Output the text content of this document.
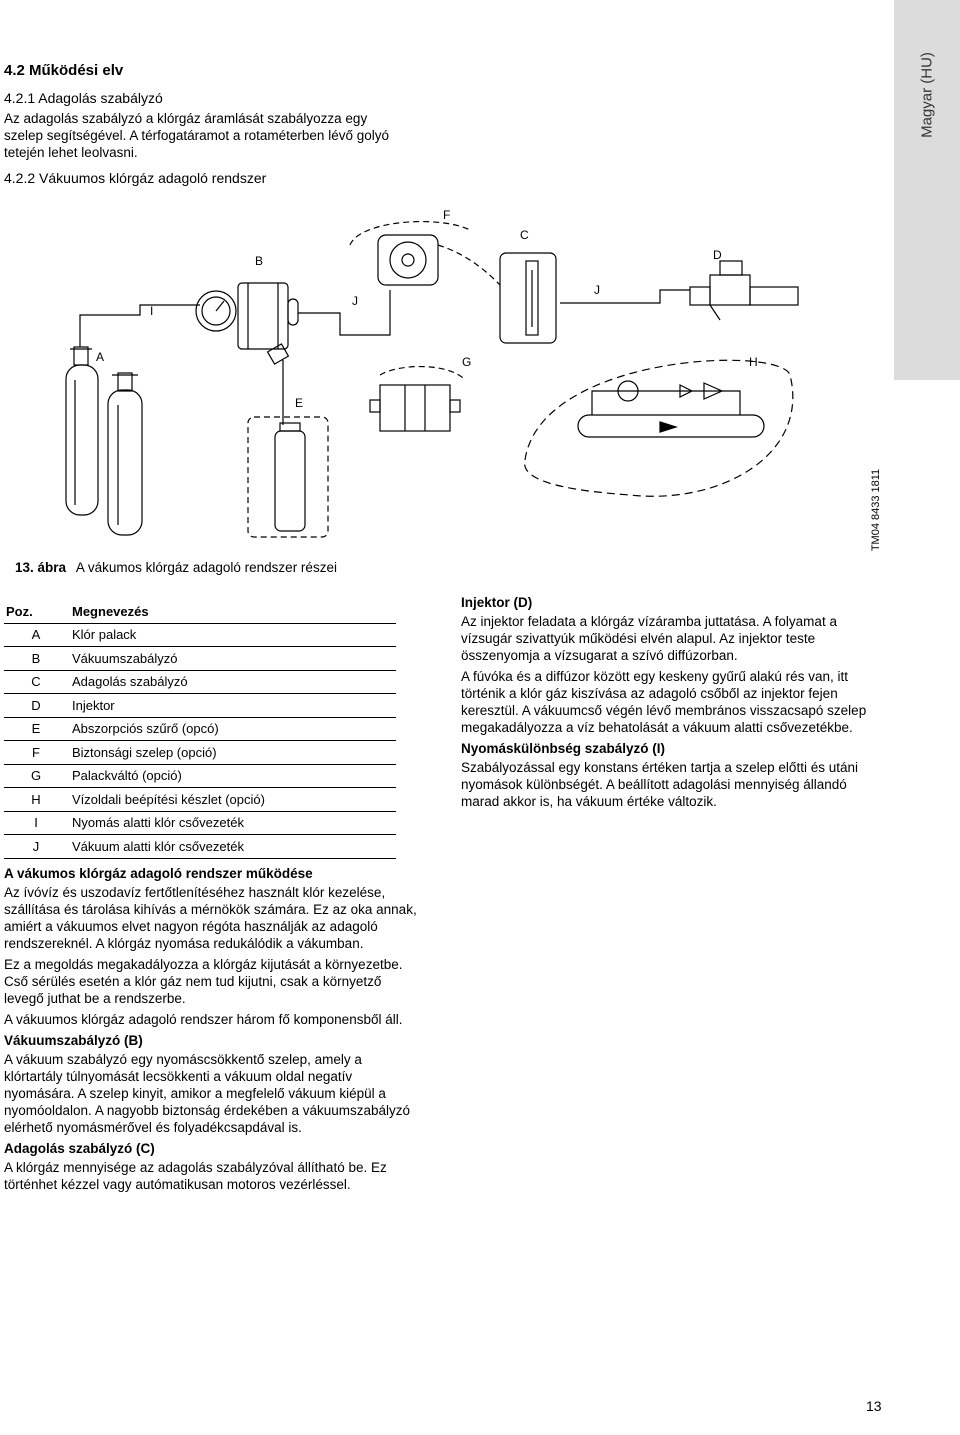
Magyar (HU)
4.2 Működési elv
4.2.1 Adagolás szabályzó
Az adagolás szabályzó a klórgáz áramlását szabályozza egy szelep segítségével. A térfogatáramot a rotaméterben lévő golyó tetején lehet leolvasni.
4.2.2 Vákuumos klórgáz adagoló rendszer
A
B
C
D
E
F
G	H
I
J
J
TM04 8433 1811
13. ábra A vákumos klórgáz adagoló rendszer részei
Poz.	Megnevezés
A	Klór palack
B	Vákuumszabályzó
C	Adagolás szabályzó
D	Injektor
E	Abszorpciós szűrő (opcó)
F	Biztonsági szelep (opció)
G	Palackváltó (opció)
H	Vízoldali beépítési készlet (opció)
I	Nyomás alatti klór csővezeték
J	Vákuum alatti klór csővezeték
A vákumos klórgáz adagoló rendszer működése

Az ívóvíz és uszodavíz fertőtlenítéséhez használt klór kezelése, szállítása és tárolása kihívás a mérnökök számára. Ez az oka annak, amiért a vákuumos elvet nagyon régóta használják az adagoló rendszereknél. A klórgáz nyomása redukálódik a vákumban.

Ez a megoldás megakadályozza a klórgáz kijutását a környezetbe. Cső sérülés esetén a klór gáz nem tud kijutni, csak a környetző levegő juthat be a rendszerbe.

A vákuumos klórgáz adagoló rendszer három fő komponensből áll.

Vákuumszabályzó (B)

A vákuum szabályzó egy nyomáscsökkentő szelep, amely a klórtartály túlnyomását lecsökkenti a vákuum oldal negatív nyomására. A szelep kinyit, amikor a megfelelő vákuum kiépül a nyomóoldalon. A nagyobb biztonság érdekében a vákuumszabályzó elérhető nyomásmérővel és folyadékcsapdával is.

Adagolás szabályzó (C)

A klórgáz mennyisége az adagolás szabályzóval állítható be. Ez történhet kézzel vagy autómatikusan motoros vezérléssel.

Injektor (D)

Az injektor feladata a klórgáz vízáramba juttatása. A folyamat a vízsugár szivattyúk működési elvén alapul. Az injektor teste összenyomja a vízsugarat a szívó diffúzorban.

A fúvóka és a diffúzor között egy keskeny gyűrű alakú rés van, itt történik a klór gáz kiszívása az adagoló csőből az injektor fejen keresztül. A vákuumcső végén lévő membrános visszacsapó szelep megakadályozza a víz behatolását a vákuum alatti csővezetékbe.

Nyomáskülönbség szabályzó (I)

Szabályozással egy konstans értéken tartja a szelep előtti és utáni nyomások különbségét. A beállított adagolási mennyiség állandó marad akkor is, ha vákuum értéke változik.

13
